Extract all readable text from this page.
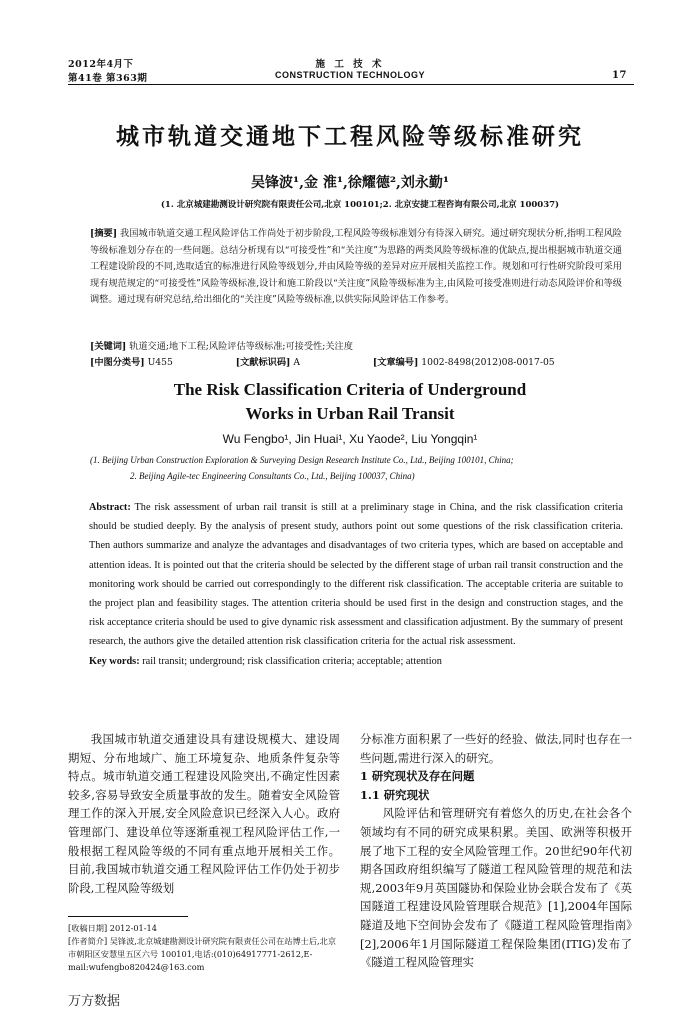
2012年4月下
第41卷 第363期
施 工 技 术
CONSTRUCTION TECHNOLOGY	17
城市轨道交通地下工程风险等级标准研究
吴锋波¹,金 淮¹,徐耀德²,刘永勤¹
(1. 北京城建勘测设计研究院有限责任公司,北京 100101;2. 北京安捷工程咨询有限公司,北京 100037)
[摘要] 我国城市轨道交通工程风险评估工作尚处于初步阶段,工程风险等级标准划分有待深入研究。通过研究现状分析,指明工程风险等级标准划分存在的一些问题。总结分析现有以“可接受性”和“关注度”为思路的两类风险等级标准的优缺点,提出根据城市轨道交通工程建设阶段的不同,选取适宜的标准进行风险等级划分,并由风险等级的差异对应开展相关监控工作。规划和可行性研究阶段可采用现有规范规定的“可接受性”风险等级标准,设计和施工阶段以“关注度”风险等级标准为主,由风险可接受准则进行动态风险评价和等级调整。通过现有研究总结,给出细化的“关注度”风险等级标准,以供实际风险评估工作参考。
[关键词] 轨道交通;地下工程;风险评估等级标准;可接受性;关注度
[中图分类号] U455	[文献标识码] A	[文章编号] 1002-8498(2012)08-0017-05
The Risk Classification Criteria of Underground
Works in Urban Rail Transit
Wu Fengbo¹, Jin Huai¹, Xu Yaode², Liu Yongqin¹
(1. Beijing Urban Construction Exploration & Surveying Design Research Institute Co., Ltd., Beijing 100101, China;
2. Beijing Agile-tec Engineering Consultants Co., Ltd., Beijing 100037, China)
Abstract: The risk assessment of urban rail transit is still at a preliminary stage in China, and the risk classification criteria should be studied deeply. By the analysis of present study, authors point out some questions of the risk classification criteria. Then authors summarize and analyze the advantages and disadvantages of two criteria types, which are based on acceptable and attention ideas. It is pointed out that the criteria should be selected by the different stage of urban rail transit construction and the monitoring work should be carried out correspondingly to the different risk classification. The acceptable criteria are suitable to the project plan and feasibility stages. The attention criteria should be used first in the design and construction stages, and the risk acceptance criteria should be used to give dynamic risk assessment and classification adjustment. By the summary of present research, the authors give the detailed attention risk classification criteria for the actual risk assessment.
Key words: rail transit; underground; risk classification criteria; acceptable; attention

我国城市轨道交通建设具有建设规模大、建设周期短、分布地域广、施工环境复杂、地质条件复杂等特点。城市轨道交通工程建设风险突出,不确定性因素较多,容易导致安全质量事故的发生。随着安全风险管理工作的深入开展,安全风险意识已经深入人心。政府管理部门、建设单位等逐渐重视工程风险评估工作,一般根据工程风险等级的不同有重点地开展相关工作。目前,我国城市轨道交通工程风险评估工作仍处于初步阶段,工程风险等级划

分标准方面积累了一些好的经验、做法,同时也存在一些问题,需进行深入的研究。

1 研究现状及存在问题

1.1 研究现状

风险评估和管理研究有着悠久的历史,在社会各个领域均有不同的研究成果积累。美国、欧洲等积极开展了地下工程的安全风险管理工作。20世纪90年代初期各国政府组织编写了隧道工程风险管理的规范和法规,2003年9月英国隧协和保险业协会联合发布了《英国隧道工程建设风险管理联合规范》[1],2004年国际隧道及地下空间协会发布了《隧道工程风险管理指南》[2],2006年1月国际隧道工程保险集团(ITIG)发布了《隧道工程风险管理实

[收稿日期] 2012-01-14
[作者简介] 吴锋波,北京城建勘测设计研究院有限责任公司在站博士后,北京市朝阳区安慧里五区六号 100101,电话:(010)64917771-2612,E-mail:wufengbo820424@163.com
万方数据
